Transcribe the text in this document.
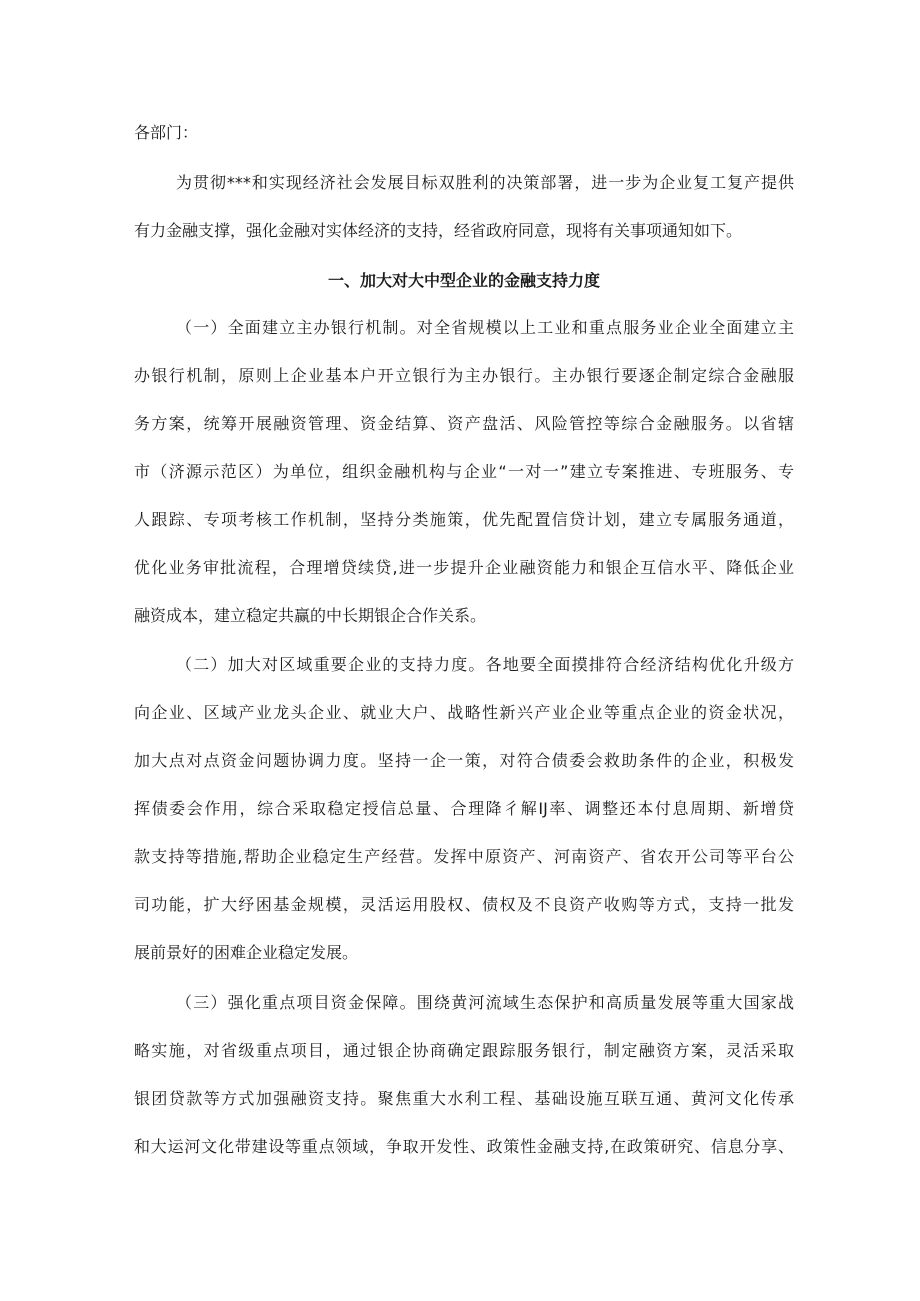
各部门：
为贯彻***和实现经济社会发展目标双胜利的决策部署，进一步为企业复工复产提供
有力金融支撑，强化金融对实体经济的支持，经省政府同意，现将有关事项通知如下。
一、加大对大中型企业的金融支持力度
（一）全面建立主办银行机制。对全省规模以上工业和重点服务业企业全面建立主
办银行机制，原则上企业基本户开立银行为主办银行。主办银行要逐企制定综合金融服
务方案，统筹开展融资管理、资金结算、资产盘活、风险管控等综合金融服务。以省辖
市（济源示范区）为单位，组织金融机构与企业“一对一”建立专案推进、专班服务、专
人跟踪、专项考核工作机制，坚持分类施策，优先配置信贷计划，建立专属服务通道，
优化业务审批流程，合理增贷续贷,进一步提升企业融资能力和银企互信水平、降低企业
融资成本，建立稳定共赢的中长期银企合作关系。
（二）加大对区域重要企业的支持力度。各地要全面摸排符合经济结构优化升级方
向企业、区域产业龙头企业、就业大户、战略性新兴产业企业等重点企业的资金状况，
加大点对点资金问题协调力度。坚持一企一策，对符合债委会救助条件的企业，积极发
挥债委会作用，综合采取稳定授信总量、合理降彳解IJ率、调整还本付息周期、新增贷
款支持等措施,帮助企业稳定生产经营。发挥中原资产、河南资产、省农开公司等平台公
司功能，扩大纾困基金规模，灵活运用股权、债权及不良资产收购等方式，支持一批发
展前景好的困难企业稳定发展。
（三）强化重点项目资金保障。围绕黄河流域生态保护和高质量发展等重大国家战
略实施，对省级重点项目，通过银企协商确定跟踪服务银行，制定融资方案，灵活采取
银团贷款等方式加强融资支持。聚焦重大水利工程、基础设施互联互通、黄河文化传承
和大运河文化带建设等重点领域，争取开发性、政策性金融支持,在政策研究、信息分享、
